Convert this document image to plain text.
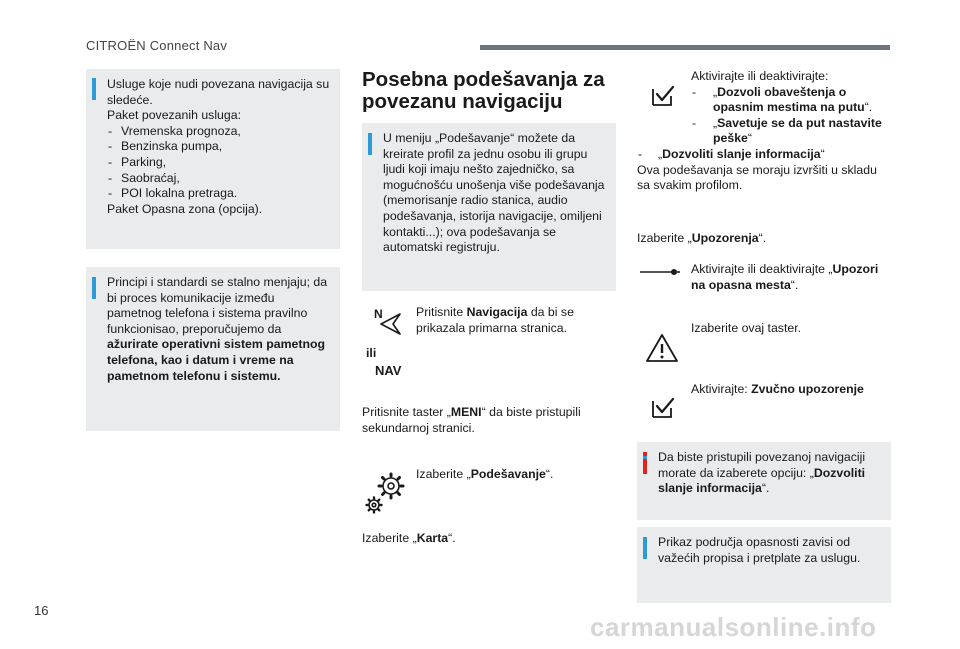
CITROËN Connect Nav
Usluge koje nudi povezana navigacija su sledeće.
Paket povezanih usluga:
- Vremenska prognoza,
- Benzinska pumpa,
- Parking,
- Saobraćaj,
- POI lokalna pretraga.
Paket Opasna zona (opcija).
Principi i standardi se stalno menjaju; da bi proces komunikacije između pametnog telefona i sistema pravilno funkcionisao, preporučujemo da ažurirate operativni sistem pametnog telefona, kao i datum i vreme na pametnom telefonu i sistemu.
Posebna podešavanja za
povezanu navigaciju
U meniju „Podešavanje“ možete da kreirate profil za jednu osobu ili grupu ljudi koji imaju nešto zajedničko, sa mogućnošću unošenja više podešavanja (memorisanje radio stanica, audio podešavanja, istorija navigacije, omiljeni kontakti...); ova podešavanja se automatski registruju.
N
ili
NAV
Pritisnite Navigacija da bi se prikazala primarna stranica.
Pritisnite taster „MENI“ da biste pristupili sekundarnoj stranici.
Izaberite „Podešavanje“.
Izaberite „Karta“.
Aktivirajte ili deaktivirajte:
- „Dozvoli obaveštenja o opasnim mestima na putu“.
- „Savetuje se da put nastavite peške“
- „Dozvoliti slanje informacija“
Ova podešavanja se moraju izvršiti u skladu sa svakim profilom.
Izaberite „Upozorenja“.
Aktivirajte ili deaktivirajte „Upozori na opasna mesta“.
Izaberite ovaj taster.
Aktivirajte: Zvučno upozorenje
Da biste pristupili povezanoj navigaciji morate da izaberete opciju: „Dozvoliti slanje informacija“.
Prikaz područja opasnosti zavisi od važećih propisa i pretplate za uslugu.
16
carmanualsonline.info
